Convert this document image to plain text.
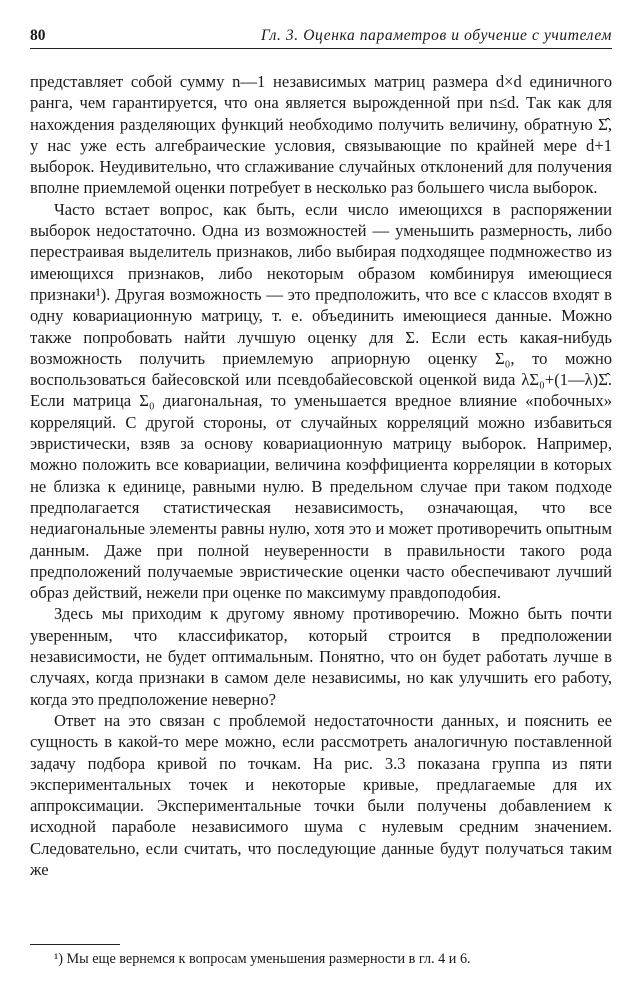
80	Гл. 3. Оценка параметров и обучение с учителем

представляет собой сумму n—1 независимых матриц размера d×d единичного ранга, чем гарантируется, что она является вырожденной при n≤d. Так как для нахождения разделяющих функций необходимо получить величину, обратную Σ̂, у нас уже есть алгебраические условия, связывающие по крайней мере d+1 выборок. Неудивительно, что сглаживание случайных отклонений для получения вполне приемлемой оценки потребует в несколько раз большего числа выборок.

Часто встает вопрос, как быть, если число имеющихся в распоряжении выборок недостаточно. Одна из возможностей — уменьшить размерность, либо перестраивая выделитель признаков, либо выбирая подходящее подмножество из имеющихся признаков, либо некоторым образом комбинируя имеющиеся признаки¹). Другая возможность — это предположить, что все c классов входят в одну ковариационную матрицу, т. е. объединить имеющиеся данные. Можно также попробовать найти лучшую оценку для Σ. Если есть какая-нибудь возможность получить приемлемую априорную оценку Σ₀, то можно воспользоваться байесовской или псевдобайесовской оценкой вида λΣ₀+(1—λ)Σ̂. Если матрица Σ₀ диагональная, то уменьшается вредное влияние «побочных» корреляций. С другой стороны, от случайных корреляций можно избавиться эвристически, взяв за основу ковариационную матрицу выборок. Например, можно положить все ковариации, величина коэффициента корреляции в которых не близка к единице, равными нулю. В предельном случае при таком подходе предполагается статистическая независимость, означающая, что все недиагональные элементы равны нулю, хотя это и может противоречить опытным данным. Даже при полной неуверенности в правильности такого рода предположений получаемые эвристические оценки часто обеспечивают лучший образ действий, нежели при оценке по максимуму правдоподобия.

Здесь мы приходим к другому явному противоречию. Можно быть почти уверенным, что классификатор, который строится в предположении независимости, не будет оптимальным. Понятно, что он будет работать лучше в случаях, когда признаки в самом деле независимы, но как улучшить его работу, когда это предположение неверно?

Ответ на это связан с проблемой недостаточности данных, и пояснить ее сущность в какой-то мере можно, если рассмотреть аналогичную поставленной задачу подбора кривой по точкам. На рис. 3.3 показана группа из пяти экспериментальных точек и некоторые кривые, предлагаемые для их аппроксимации. Экспериментальные точки были получены добавлением к исходной параболе независимого шума с нулевым средним значением. Следовательно, если считать, что последующие данные будут получаться таким же

¹) Мы еще вернемся к вопросам уменьшения размерности в гл. 4 и 6.
